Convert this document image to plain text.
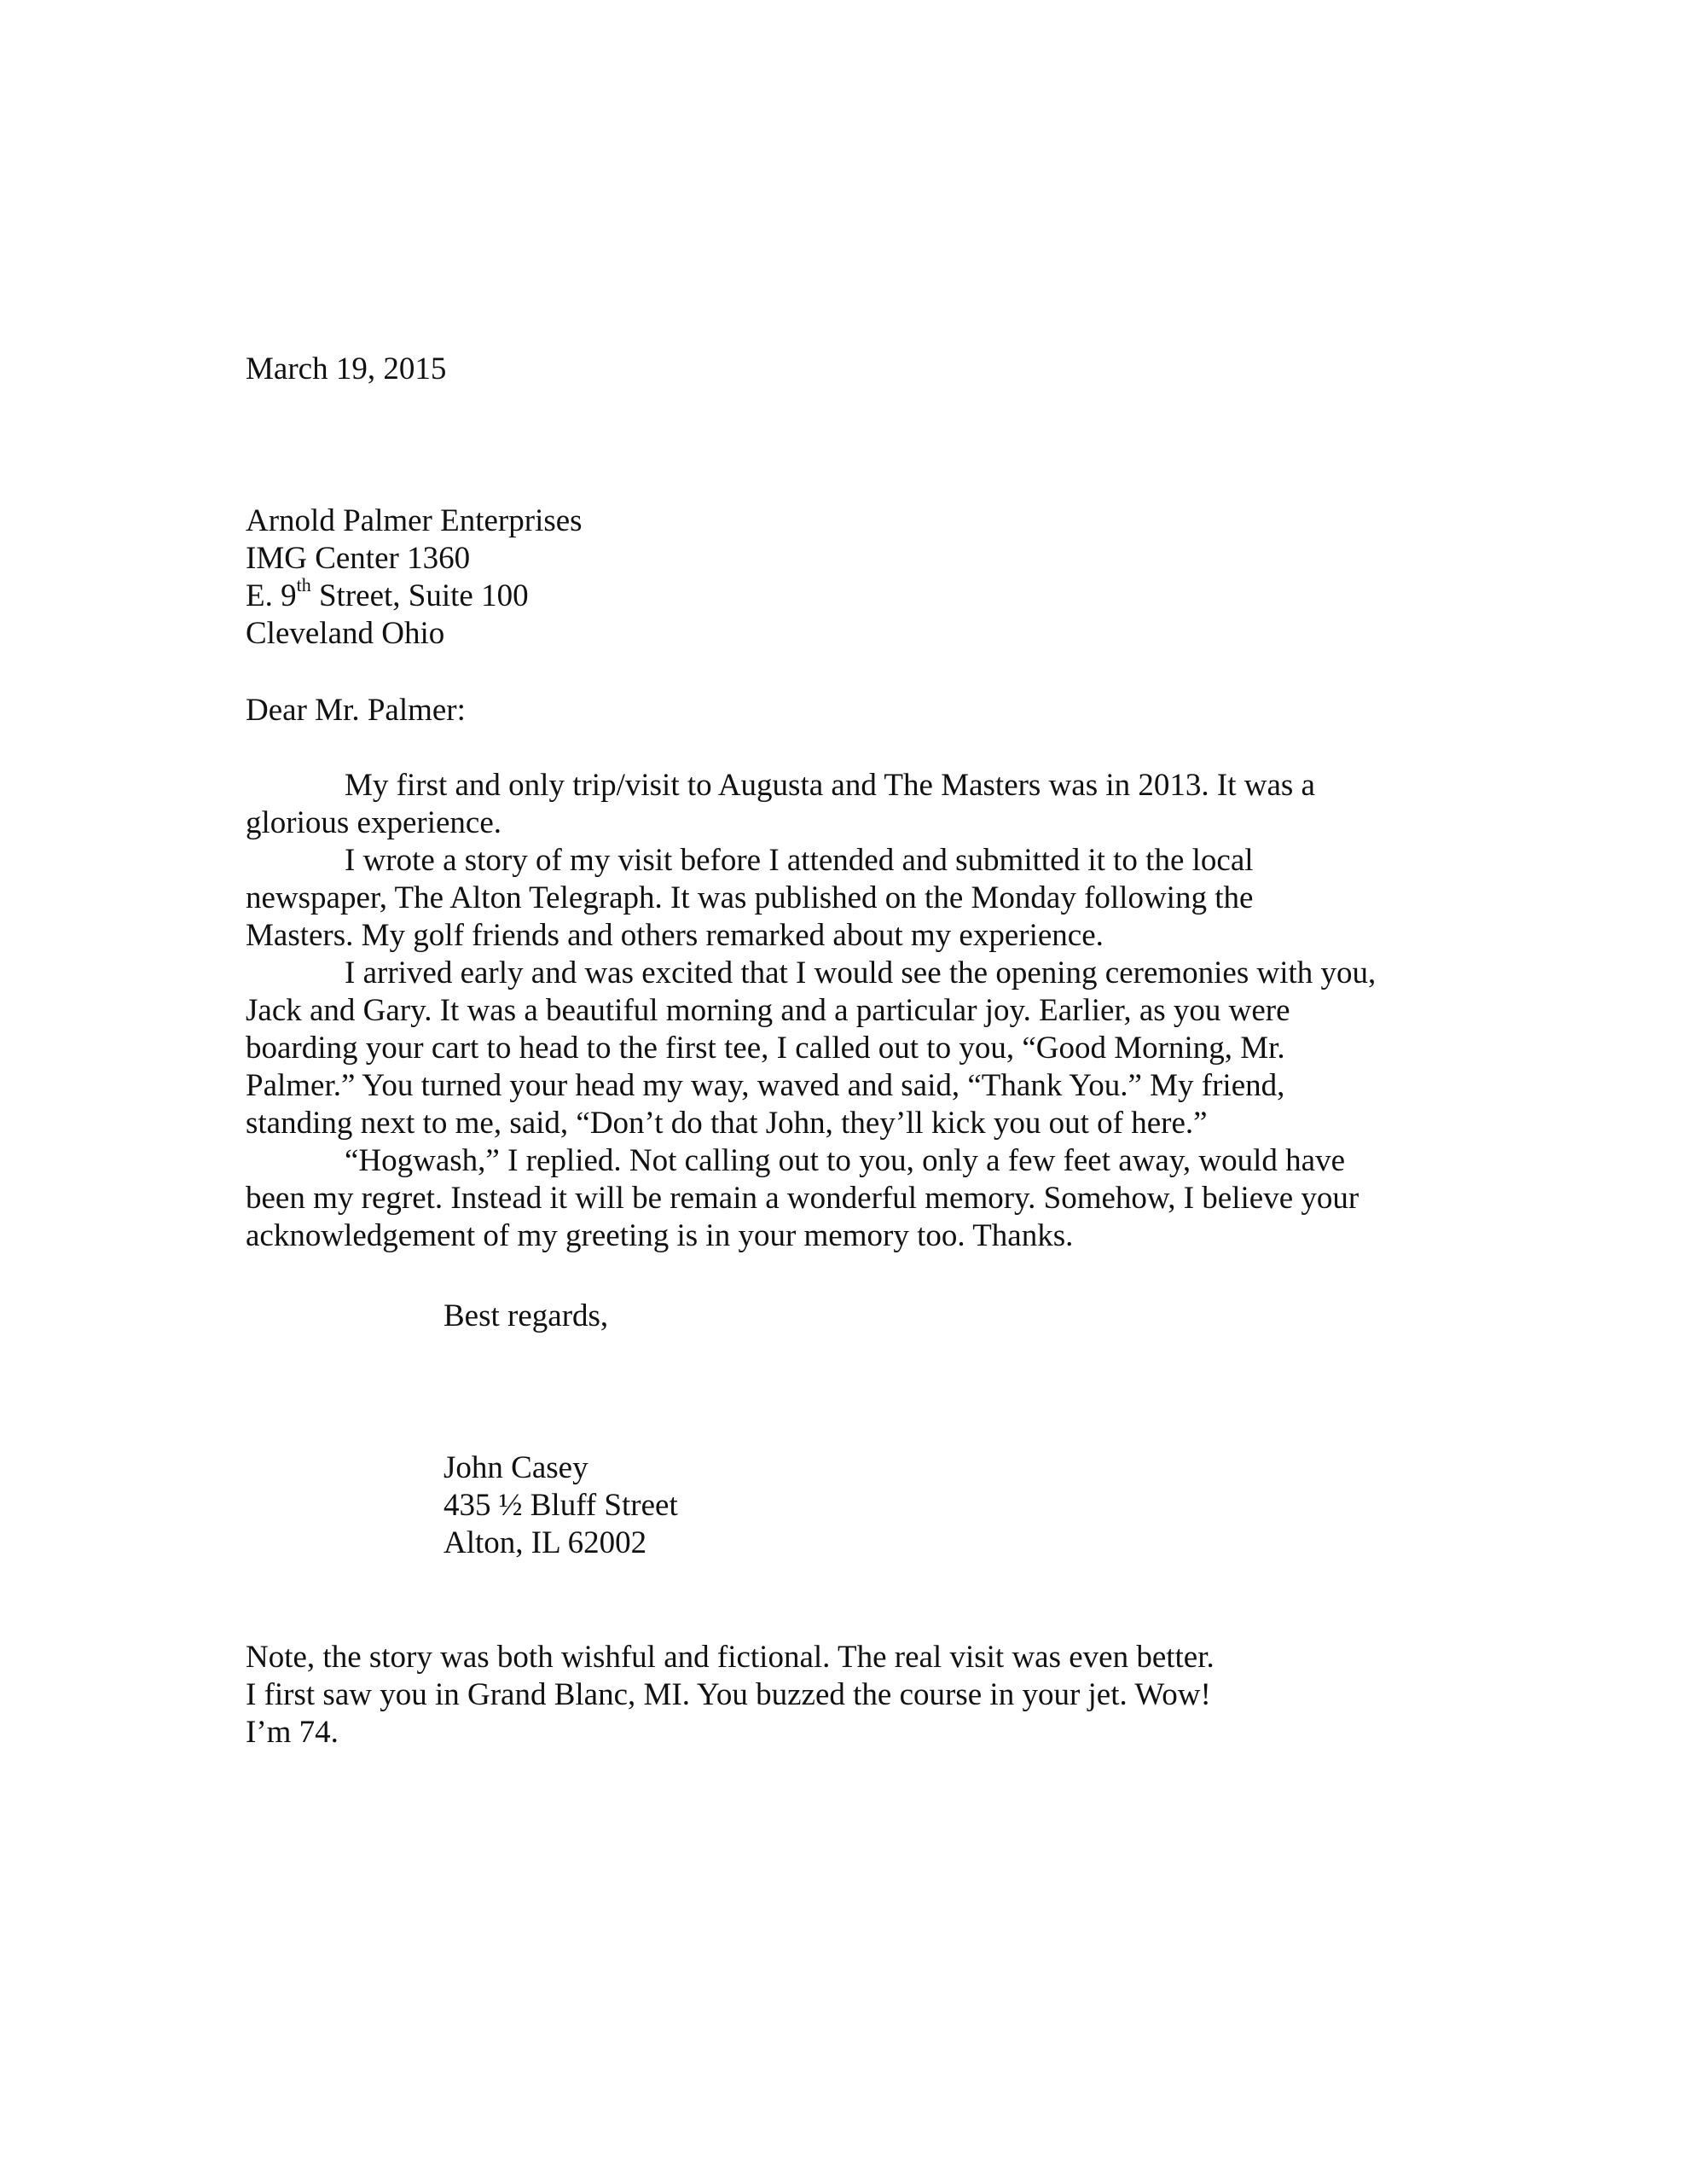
March 19, 2015
Arnold Palmer Enterprises
IMG Center 1360
E. 9th Street, Suite 100
Cleveland Ohio
Dear Mr. Palmer:
My first and only trip/visit to Augusta and The Masters was in 2013. It was a
glorious experience.
I wrote a story of my visit before I attended and submitted it to the local
newspaper, The Alton Telegraph. It was published on the Monday following the
Masters. My golf friends and others remarked about my experience.
I arrived early and was excited that I would see the opening ceremonies with you,
Jack and Gary. It was a beautiful morning and a particular joy. Earlier, as you were
boarding your cart to head to the first tee, I called out to you, “Good Morning, Mr.
Palmer.” You turned your head my way, waved and said, “Thank You.” My friend,
standing next to me, said, “Don’t do that John, they’ll kick you out of here.”
“Hogwash,” I replied. Not calling out to you, only a few feet away, would have
been my regret. Instead it will be remain a wonderful memory. Somehow, I believe your
acknowledgement of my greeting is in your memory too. Thanks.
Best regards,
John Casey
435 ½ Bluff Street
Alton, IL 62002
Note, the story was both wishful and fictional. The real visit was even better.
I first saw you in Grand Blanc, MI. You buzzed the course in your jet. Wow!
I’m 74.
